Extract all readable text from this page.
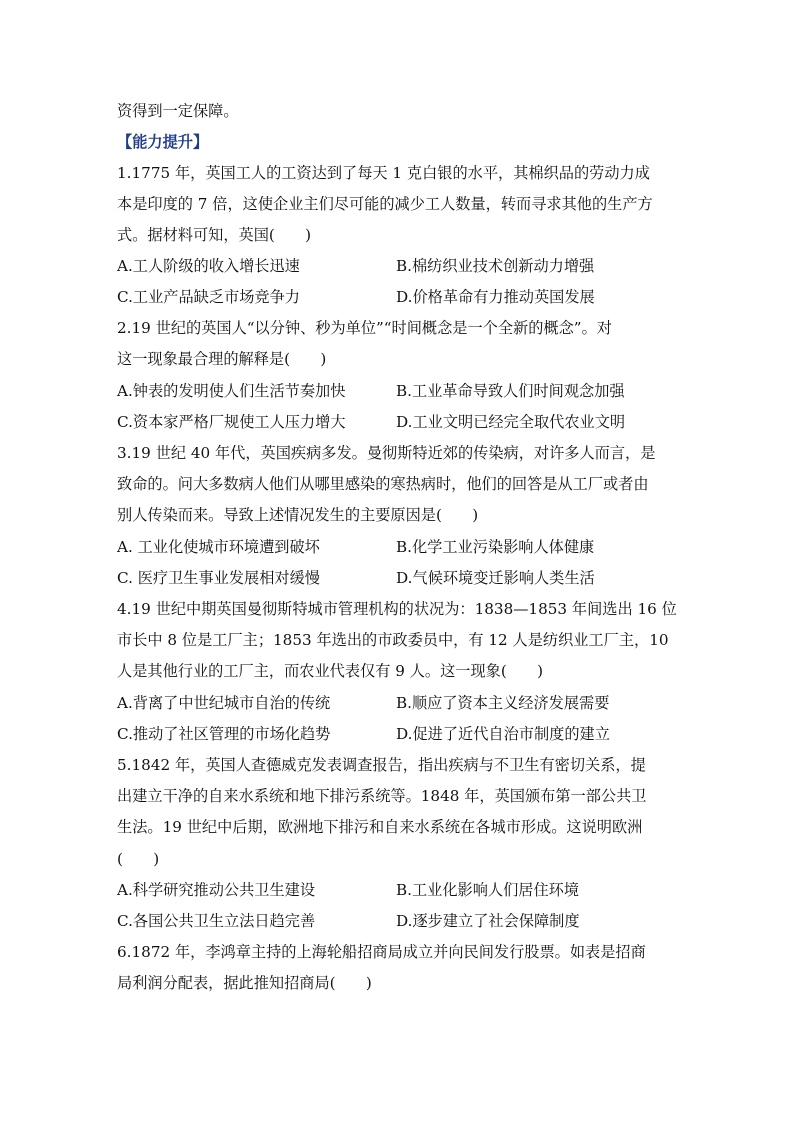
资得到一定保障。
【能力提升】
1.1775 年，英国工人的工资达到了每天 1 克白银的水平，其棉织品的劳动力成
本是印度的 7 倍，这使企业主们尽可能的减少工人数量，转而寻求其他的生产方
式。据材料可知，英国(　　)
A.工人阶级的收入增长迅速	B.棉纺织业技术创新动力增强
C.工业产品缺乏市场竞争力	D.价格革命有力推动英国发展
2.19 世纪的英国人“以分钟、秒为单位”“时间概念是一个全新的概念”。对
这一现象最合理的解释是(　　)
A.钟表的发明使人们生活节奏加快	B.工业革命导致人们时间观念加强
C.资本家严格厂规使工人压力增大	D.工业文明已经完全取代农业文明
3.19 世纪 40 年代，英国疾病多发。曼彻斯特近郊的传染病，对许多人而言，是
致命的。问大多数病人他们从哪里感染的寒热病时，他们的回答是从工厂或者由
别人传染而来。导致上述情况发生的主要原因是(　　)
A. 工业化使城市环境遭到破坏	B.化学工业污染影响人体健康
C. 医疗卫生事业发展相对缓慢	D.气候环境变迁影响人类生活
4.19 世纪中期英国曼彻斯特城市管理机构的状况为：1838—1853 年间选出 16 位
市长中 8 位是工厂主；1853 年选出的市政委员中，有 12 人是纺织业工厂主，10
人是其他行业的工厂主，而农业代表仅有 9 人。这一现象(　　)
A.背离了中世纪城市自治的传统	B.顺应了资本主义经济发展需要
C.推动了社区管理的市场化趋势	D.促进了近代自治市制度的建立
5.1842 年，英国人查德威克发表调查报告，指出疾病与不卫生有密切关系，提
出建立干净的自来水系统和地下排污系统等。1848 年，英国颁布第一部公共卫
生法。19 世纪中后期，欧洲地下排污和自来水系统在各城市形成。这说明欧洲
(　　)
A.科学研究推动公共卫生建设	B.工业化影响人们居住环境
C.各国公共卫生立法日趋完善	D.逐步建立了社会保障制度
6.1872 年，李鸿章主持的上海轮船招商局成立并向民间发行股票。如表是招商
局利润分配表，据此推知招商局(　　)
